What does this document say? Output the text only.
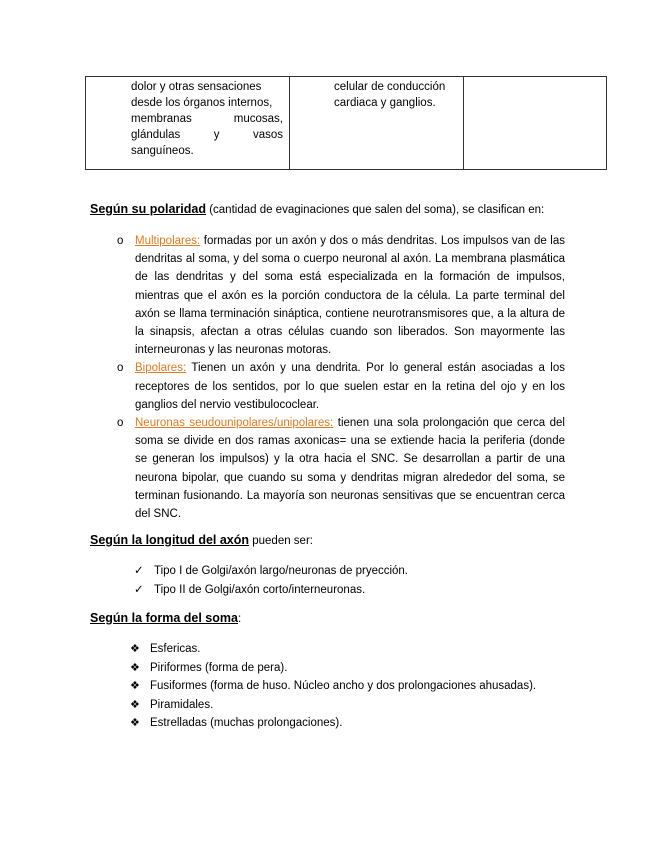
dolor y otras sensaciones
desde los órganos internos,
membranas mucosas,
glándulas y vasos
sanguíneos.
celular de conducción
cardiaca y ganglios.
Según su polaridad (cantidad de evaginaciones que salen del soma), se clasifican en:
o Multipolares: formadas por un axón y dos o más dendritas. Los impulsos van de las dendritas al soma, y del soma o cuerpo neuronal al axón. La membrana plasmática de las dendritas y del soma está especializada en la formación de impulsos, mientras que el axón es la porción conductora de la célula. La parte terminal del axón se llama terminación sináptica, contiene neurotransmisores que, a la altura de la sinapsis, afectan a otras células cuando son liberados. Son mayormente las interneuronas y las neuronas motoras.
o Bipolares: Tienen un axón y una dendrita. Por lo general están asociadas a los receptores de los sentidos, por lo que suelen estar en la retina del ojo y en los ganglios del nervio vestibulococlear.
o Neuronas seudounipolares/unipolares: tienen una sola prolongación que cerca del soma se divide en dos ramas axonicas= una se extiende hacia la periferia (donde se generan los impulsos) y la otra hacia el SNC. Se desarrollan a partir de una neurona bipolar, que cuando su soma y dendritas migran alrededor del soma, se terminan fusionando. La mayoría son neuronas sensitivas que se encuentran cerca del SNC.
Según la longitud del axón pueden ser:
✓ Tipo I de Golgi/axón largo/neuronas de pryección.
✓ Tipo II de Golgi/axón corto/interneuronas.
Según la forma del soma:
❖ Esfericas.
❖ Piriformes (forma de pera).
❖ Fusiformes (forma de huso. Núcleo ancho y dos prolongaciones ahusadas).
❖ Piramidales.
❖ Estrelladas (muchas prolongaciones).
